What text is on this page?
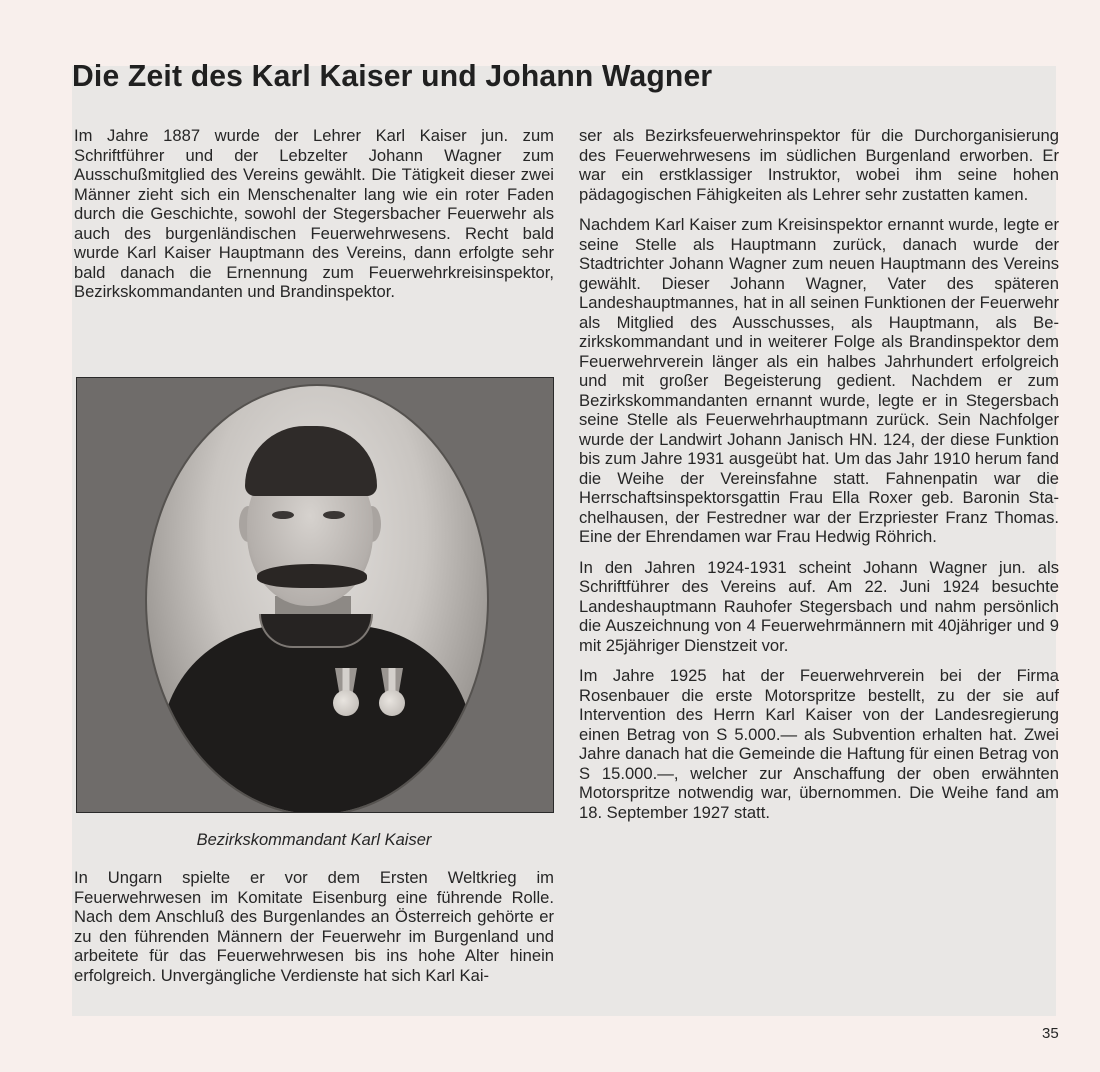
Die Zeit des Karl Kaiser und Johann Wagner

Im Jahre 1887 wurde der Lehrer Karl Kaiser jun. zum Schriftführer und der Lebzelter Johann Wagner zum Ausschußmitglied des Vereins gewählt. Die Tätigkeit dieser zwei Männer zieht sich ein Menschenalter lang wie ein roter Faden durch die Geschichte, sowohl der Stegersbacher Feuerwehr als auch des burgenländischen Feuerwehrwesens. Recht bald wurde Karl Kaiser Hauptmann des Vereins, dann erfolgte sehr bald danach die Ernennung zum Feuerwehrkreisinspektor, Bezirkskommandanten und Brandinspektor.

Bezirkskommandant Karl Kaiser

In Ungarn spielte er vor dem Ersten Weltkrieg im Feuerwehrwesen im Komitate Eisenburg eine führende Rolle. Nach dem Anschluß des Burgenlandes an Österreich gehörte er zu den führenden Männern der Feuerwehr im Burgenland und arbeitete für das Feuerwehrwesen bis ins hohe Alter hinein erfolgreich. Unvergängliche Verdienste hat sich Karl Kai-

ser als Bezirksfeuerwehrinspektor für die Durchorganisierung des Feuerwehrwesens im südlichen Burgenland erworben. Er war ein erstklassiger Instruktor, wobei ihm seine hohen pädagogischen Fähigkeiten als Lehrer sehr zustatten kamen.

Nachdem Karl Kaiser zum Kreisinspektor ernannt wurde, legte er seine Stelle als Hauptmann zurück, danach wurde der Stadtrichter Johann Wagner zum neuen Hauptmann des Vereins gewählt. Dieser Johann Wagner, Vater des späteren Landeshauptmannes, hat in all seinen Funktionen der Feuerwehr als Mitglied des Ausschusses, als Hauptmann, als Bezirkskommandant und in weiterer Folge als Brandinspektor dem Feuerwehrverein länger als ein halbes Jahrhundert erfolgreich und mit großer Begeisterung gedient. Nachdem er zum Bezirkskommandanten ernannt wurde, legte er in Stegersbach seine Stelle als Feuerwehrhauptmann zurück. Sein Nachfolger wurde der Landwirt Johann Janisch HN. 124, der diese Funktion bis zum Jahre 1931 ausgeübt hat. Um das Jahr 1910 herum fand die Weihe der Vereinsfahne statt. Fahnenpatin war die Herrschaftsinspektorsgattin Frau Ella Roxer geb. Baronin Stachelhausen, der Festredner war der Erzpriester Franz Thomas. Eine der Ehrendamen war Frau Hedwig Röhrich.

In den Jahren 1924-1931 scheint Johann Wagner jun. als Schriftführer des Vereins auf. Am 22. Juni 1924 besuchte Landeshauptmann Rauhofer Stegersbach und nahm persönlich die Auszeichnung von 4 Feuerwehrmännern mit 40jähriger und 9 mit 25jähriger Dienstzeit vor.

Im Jahre 1925 hat der Feuerwehrverein bei der Firma Rosenbauer die erste Motorspritze bestellt, zu der sie auf Intervention des Herrn Karl Kaiser von der Landesregierung einen Betrag von S 5.000.— als Subvention erhalten hat. Zwei Jahre danach hat die Gemeinde die Haftung für einen Betrag von S 15.000.—, welcher zur Anschaffung der oben erwähnten Motorspritze notwendig war, übernommen. Die Weihe fand am 18. September 1927 statt.

35
